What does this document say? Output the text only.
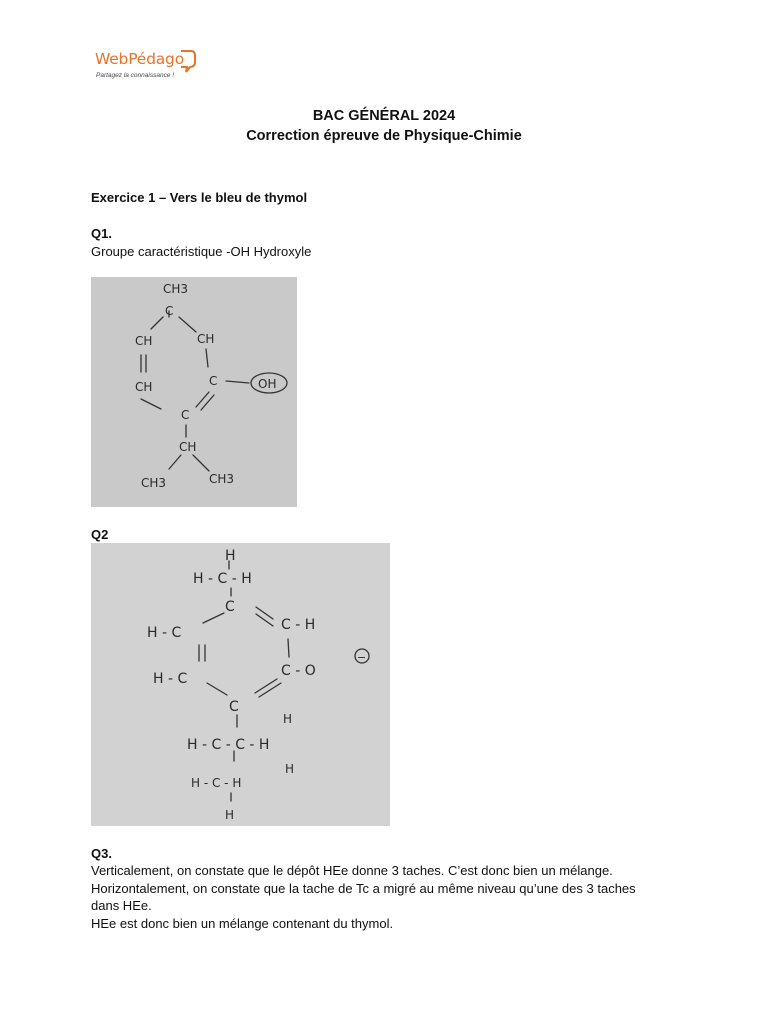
WebPédago
Partagez la connaissance !
BAC GÉNÉRAL 2024
Correction épreuve de Physique-Chimie
Exercice 1 – Vers le bleu de thymol
Q1.
Groupe caractéristique -OH Hydroxyle
CH3
C
CH	CH
CH	C	OH
C
CH
CH3	CH3
Q2
H
H - C - H
C
C - H
H - C
C - O
−
H - C
C
H - C - C - H
H
H
H - C - H
H
Q3.
Verticalement, on constate que le dépôt HEe donne 3 taches. C’est donc bien un mélange.
Horizontalement, on constate que la tache de Tc a migré au même niveau qu’une des 3 taches
dans HEe.
HEe est donc bien un mélange contenant du thymol.
